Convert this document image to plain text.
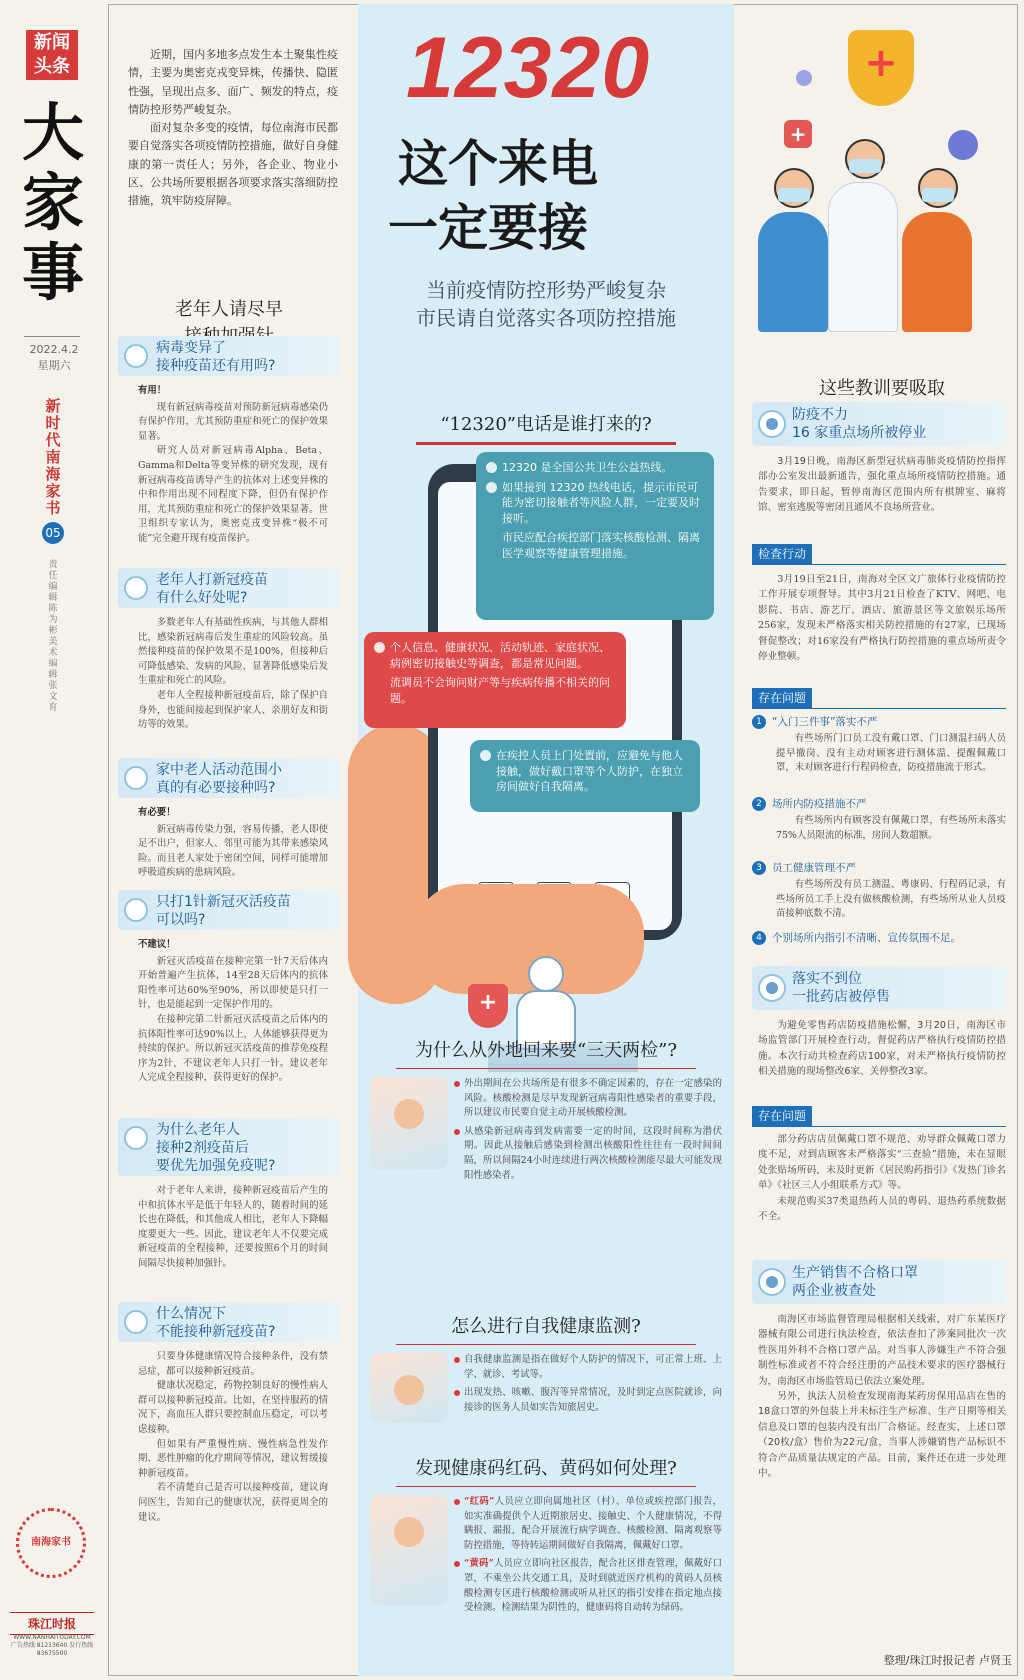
新闻头条
大家事
2022.4.2
星期六
新时代南海家书
05
责任编辑 陈为彬 美术编辑 张文育
南海家书
珠江时报
WWW.NANHAITODAY.COM
广告热线 81213640 发行热线 83675500

近期，国内多地多点发生本土聚集性疫情，主要为奥密克戎变异株，传播快、隐匿性强，呈现出点多、面广、频发的特点，疫情防控形势严峻复杂。

面对复杂多变的疫情，每位南海市民都要自觉落实各项疫情防控措施，做好自身健康的第一责任人；另外，各企业、物业小区、公共场所要根据各项要求落实落细防控措施，筑牢防疫屏障。

老年人请尽早
病毒变异了
接种疫苗还有用吗?
有用！

现有新冠病毒疫苗对预防新冠病毒感染仍有保护作用，尤其预防重症和死亡的保护效果显著。

研究人员对新冠病毒Alpha、Beta、Gamma和Delta等变异株的研究发现，现有新冠病毒疫苗诱导产生的抗体对上述变异株的中和作用出现不同程度下降，但仍有保护作用，尤其预防重症和死亡的保护效果显著。世卫组织专家认为，奥密克戎变异株“极不可能”完全避开现有疫苗保护。

老年人打新冠疫苗
有什么好处呢?

多数老年人有基础性疾病，与其他人群相比，感染新冠病毒后发生重症的风险较高。虽然接种疫苗的保护效果不是100%，但接种后可降低感染、发病的风险，显著降低感染后发生重症和死亡的风险。

老年人全程接种新冠疫苗后，除了保护自身外，也能间接起到保护家人、亲朋好友和街坊等的效果。

家中老人活动范围小
真的有必要接种吗?
有必要！

新冠病毒传染力强，容易传播，老人即使足不出户，但家人、邻里可能为其带来感染风险。而且老人家处于密闭空间，同样可能增加呼吸道疾病的患病风险。

只打1针新冠灭活疫苗
可以吗?
不建议！

新冠灭活疫苗在接种完第一针7天后体内开始普遍产生抗体，14至28天后体内的抗体阳性率可达60%至90%，所以即使是只打一针，也是能起到一定保护作用的。

在接种完第二针新冠灭活疫苗之后体内的抗体阳性率可达90%以上，人体能够获得更为持续的保护。所以新冠灭活疫苗的推荐免疫程序为2针，不建议老年人只打一针。建议老年人完成全程接种，获得更好的保护。

为什么老年人
接种2剂疫苗后
要优先加强免疫呢?

对于老年人来讲，接种新冠疫苗后产生的中和抗体水平是低于年轻人的，随着时间的延长也在降低，和其他成人相比，老年人下降幅度要更大一些。因此，建议老年人不仅要完成新冠疫苗的全程接种，还要按照6个月的时间间隔尽快接种加强针。

什么情况下
不能接种新冠疫苗?

只要身体健康情况符合接种条件，没有禁忌症，都可以接种新冠疫苗。

健康状况稳定，药物控制良好的慢性病人群可以接种新冠疫苗。比如，在坚持服药的情况下，高血压人群只要控制血压稳定，可以考虑接种。

但如果有严重慢性病、慢性病急性发作期、恶性肿瘤的化疗期间等情况，建议暂缓接种新冠疫苗。

若不清楚自己是否可以接种疫苗，建议询问医生，告知自己的健康状况，获得更周全的建议。

12320
这个来电
一定要接
当前疫情防控形势严峻复杂
市民请自觉落实各项防控措施
“12320”电话是谁打来的?
12320 是全国公共卫生公益热线。
如果接到 12320 热线电话，提示市民可能为密切接触者等风险人群，一定要及时接听。
市民应配合疾控部门落实核酸检测、隔离医学观察等健康管理措施。
个人信息、健康状况、活动轨迹、家庭状况、病例密切接触史等调查，都是常见问题。
流调员不会询问财产等与疾病传播不相关的问题。
在疾控人员上门处置前，应避免与他人接触，做好戴口罩等个人防护，在独立房间做好自我隔离。
+
为什么从外地回来要“三天两检”?
外出期间在公共场所是有很多不确定因素的，存在一定感染的风险。核酸检测是尽早发现新冠病毒阳性感染者的重要手段，所以建议市民要自觉主动开展核酸检测。
从感染新冠病毒到发病需要一定的时间，这段时间称为潜伏期。因此从接触后感染到检测出核酸阳性往往有一段时间间隔，所以间隔24小时连续进行两次核酸检测能尽最大可能发现阳性感染者。
怎么进行自我健康监测?
自我健康监测是指在做好个人防护的情况下，可正常上班、上学、就诊、考试等。
出现发热、咳嗽、腹泻等异常情况，及时到定点医院就诊，向接诊的医务人员如实告知旅居史。
发现健康码红码、黄码如何处理?
“红码”人员应立即向属地社区（村）、单位或疾控部门报告，如实准确提供个人近期旅居史、接触史、个人健康情况，不得瞒报、漏报，配合开展流行病学调查、核酸检测、隔离观察等防控措施，等待转运期间做好自我隔离，佩戴好口罩。
“黄码”人员应立即向社区报告，配合社区排查管理，佩戴好口罩，不乘坐公共交通工具，及时到就近医疗机构的黄码人员核酸检测专区进行核酸检测或听从社区的指引安排在指定地点接受检测。检测结果为阴性的，健康码将自动转为绿码。
+
+
这些教训要吸取
防疫不力
16 家重点场所被停业

3月19日晚，南海区新型冠状病毒肺炎疫情防控指挥部办公室发出最新通告，强化重点场所疫情防控措施。通告要求，即日起，暂停南海区范围内所有棋牌室、麻将馆、密室逃脱等密闭且通风不良场所营业。

检查行动

3月19日至21日，南海对全区文广旅体行业疫情防控工作开展专项督导。其中3月21日检查了KTV、网吧、电影院、书店、游艺厅、酒店、旅游景区等文旅娱乐场所256家，发现未严格落实相关防控措施的有27家，已现场督促整改；对16家没有严格执行防控措施的重点场所责令停业整顿。

存在问题
1 “入门三件事”落实不严
有些场所门口员工没有戴口罩、门口测温扫码人员提早撤岗、没有主动对顾客进行测体温、提醒佩戴口罩，未对顾客进行行程码检查，防疫措施流于形式。
2 场所内防疫措施不严
有些场所内有顾客没有佩戴口罩，有些场所未落实75%人员限流的标准，房间人数超额。
3 员工健康管理不严
有些场所没有员工测温、粤康码、行程码记录，有些场所员工手上没有做核酸检测，有些场所从业人员疫苗接种底数不清。
4 个别场所内指引不清晰、宣传氛围不足。
落实不到位
一批药店被停售

为避免零售药店防疫措施松懈，3月20日，南海区市场监管部门开展检查行动，督促药店严格执行疫情防控措施。本次行动共检查药店100家，对未严格执行疫情防控相关措施的现场整改6家、关停整改3家。

存在问题

部分药店店员佩戴口罩不规范、劝导群众佩戴口罩力度不足，对到店顾客未严格落实“三查验”措施，未在显眼处张贴场所码，未及时更新《居民购药指引》《发热门诊名单》《社区三人小组联系方式》等。

未规范购买37类退热药人员的粤码、退热药系统数据不全。

生产销售不合格口罩
两企业被查处

南海区市场监督管理局根据相关线索，对广东某医疗器械有限公司进行执法检查，依法查扣了涉案同批次一次性医用外科不合格口罩产品。对当事人涉嫌生产不符合强制性标准或者不符合经注册的产品技术要求的医疗器械行为，南海区市场监管局已依法立案处理。

另外，执法人员检查发现南海某药房保用品店在售的18盒口罩的外包装上并未标注生产标准、生产日期等相关信息及口罩的包装内没有出厂合格证。经查实，上述口罩（20枚/盒）售价为22元/盒，当事人涉嫌销售产品标识不符合产品质量法规定的产品。目前，案件还在进一步处理中。

整理/珠江时报记者 卢贤玉
